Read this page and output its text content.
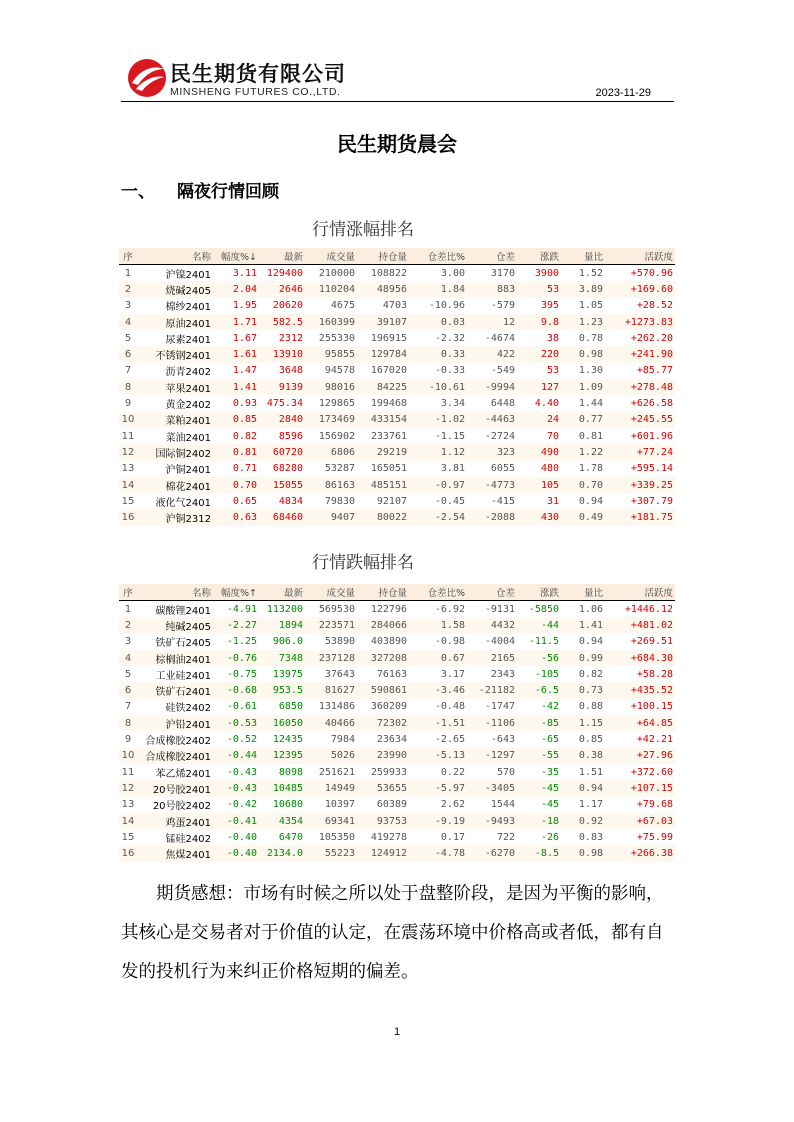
民生期货有限公司
MINSHENG FUTURES CO.,LTD.	2023-11-29
民生期货晨会
一、 隔夜行情回顾
行情涨幅排名
序	名称	幅度%↓	最新	成交量	持仓量	仓差比%	仓差	涨跌	量比	活跃度
1	沪镍2401	3.11	129400	210000	108822	3.00	3170	3900	1.52	+570.96
2	烧碱2405	2.04	2646	110204	48956	1.84	883	53	3.89	+169.60
3	棉纱2401	1.95	20620	4675	4703	-10.96	-579	395	1.05	+28.52
4	原油2401	1.71	582.5	160399	39107	0.03	12	9.8	1.23	+1273.83
5	尿素2401	1.67	2312	255330	196915	-2.32	-4674	38	0.78	+262.20
6	不锈钢2401	1.61	13910	95855	129784	0.33	422	220	0.98	+241.90
7	沥青2402	1.47	3648	94578	167020	-0.33	-549	53	1.30	+85.77
8	苹果2401	1.41	9139	98016	84225	-10.61	-9994	127	1.09	+278.48
9	黄金2402	0.93	475.34	129865	199468	3.34	6448	4.40	1.44	+626.58
10	菜粕2401	0.85	2840	173469	433154	-1.02	-4463	24	0.77	+245.55
11	菜油2401	0.82	8596	156902	233761	-1.15	-2724	70	0.81	+601.96
12	国际铜2402	0.81	60720	6806	29219	1.12	323	490	1.22	+77.24
13	沪铜2401	0.71	68280	53287	165051	3.81	6055	480	1.78	+595.14
14	棉花2401	0.70	15055	86163	485151	-0.97	-4773	105	0.70	+339.25
15	液化气2401	0.65	4834	79830	92107	-0.45	-415	31	0.94	+307.79
16	沪铜2312	0.63	68460	9407	80022	-2.54	-2088	430	0.49	+181.75
行情跌幅排名
序	名称	幅度%↑	最新	成交量	持仓量	仓差比%	仓差	涨跌	量比	活跃度
1	碳酸锂2401	-4.91	113200	569530	122796	-6.92	-9131	-5850	1.06	+1446.12
2	纯碱2405	-2.27	1894	223571	284066	1.58	4432	-44	1.41	+481.02
3	铁矿石2405	-1.25	906.0	53890	403890	-0.98	-4004	-11.5	0.94	+269.51
4	棕榈油2401	-0.76	7348	237128	327208	0.67	2165	-56	0.99	+684.30
5	工业硅2401	-0.75	13975	37643	76163	3.17	2343	-105	0.82	+58.28
6	铁矿石2401	-0.68	953.5	81627	590861	-3.46	-21182	-6.5	0.73	+435.52
7	硅铁2402	-0.61	6850	131486	360209	-0.48	-1747	-42	0.88	+100.15
8	沪铅2401	-0.53	16050	40466	72302	-1.51	-1106	-85	1.15	+64.85
9	合成橡胶2402	-0.52	12435	7984	23634	-2.65	-643	-65	0.85	+42.21
10	合成橡胶2401	-0.44	12395	5026	23990	-5.13	-1297	-55	0.38	+27.96
11	苯乙烯2401	-0.43	8098	251621	259933	0.22	570	-35	1.51	+372.60
12	20号胶2401	-0.43	10485	14949	53655	-5.97	-3405	-45	0.94	+107.15
13	20号胶2402	-0.42	10680	10397	60389	2.62	1544	-45	1.17	+79.68
14	鸡蛋2401	-0.41	4354	69341	93753	-9.19	-9493	-18	0.92	+67.03
15	锰硅2402	-0.40	6470	105350	419278	0.17	722	-26	0.83	+75.99
16	焦煤2401	-0.40	2134.0	55223	124912	-4.78	-6270	-8.5	0.98	+266.38
期货感想：市场有时候之所以处于盘整阶段，是因为平衡的影响，其核心是交易者对于价值的认定，在震荡环境中价格高或者低，都有自发的投机行为来纠正价格短期的偏差。
1
